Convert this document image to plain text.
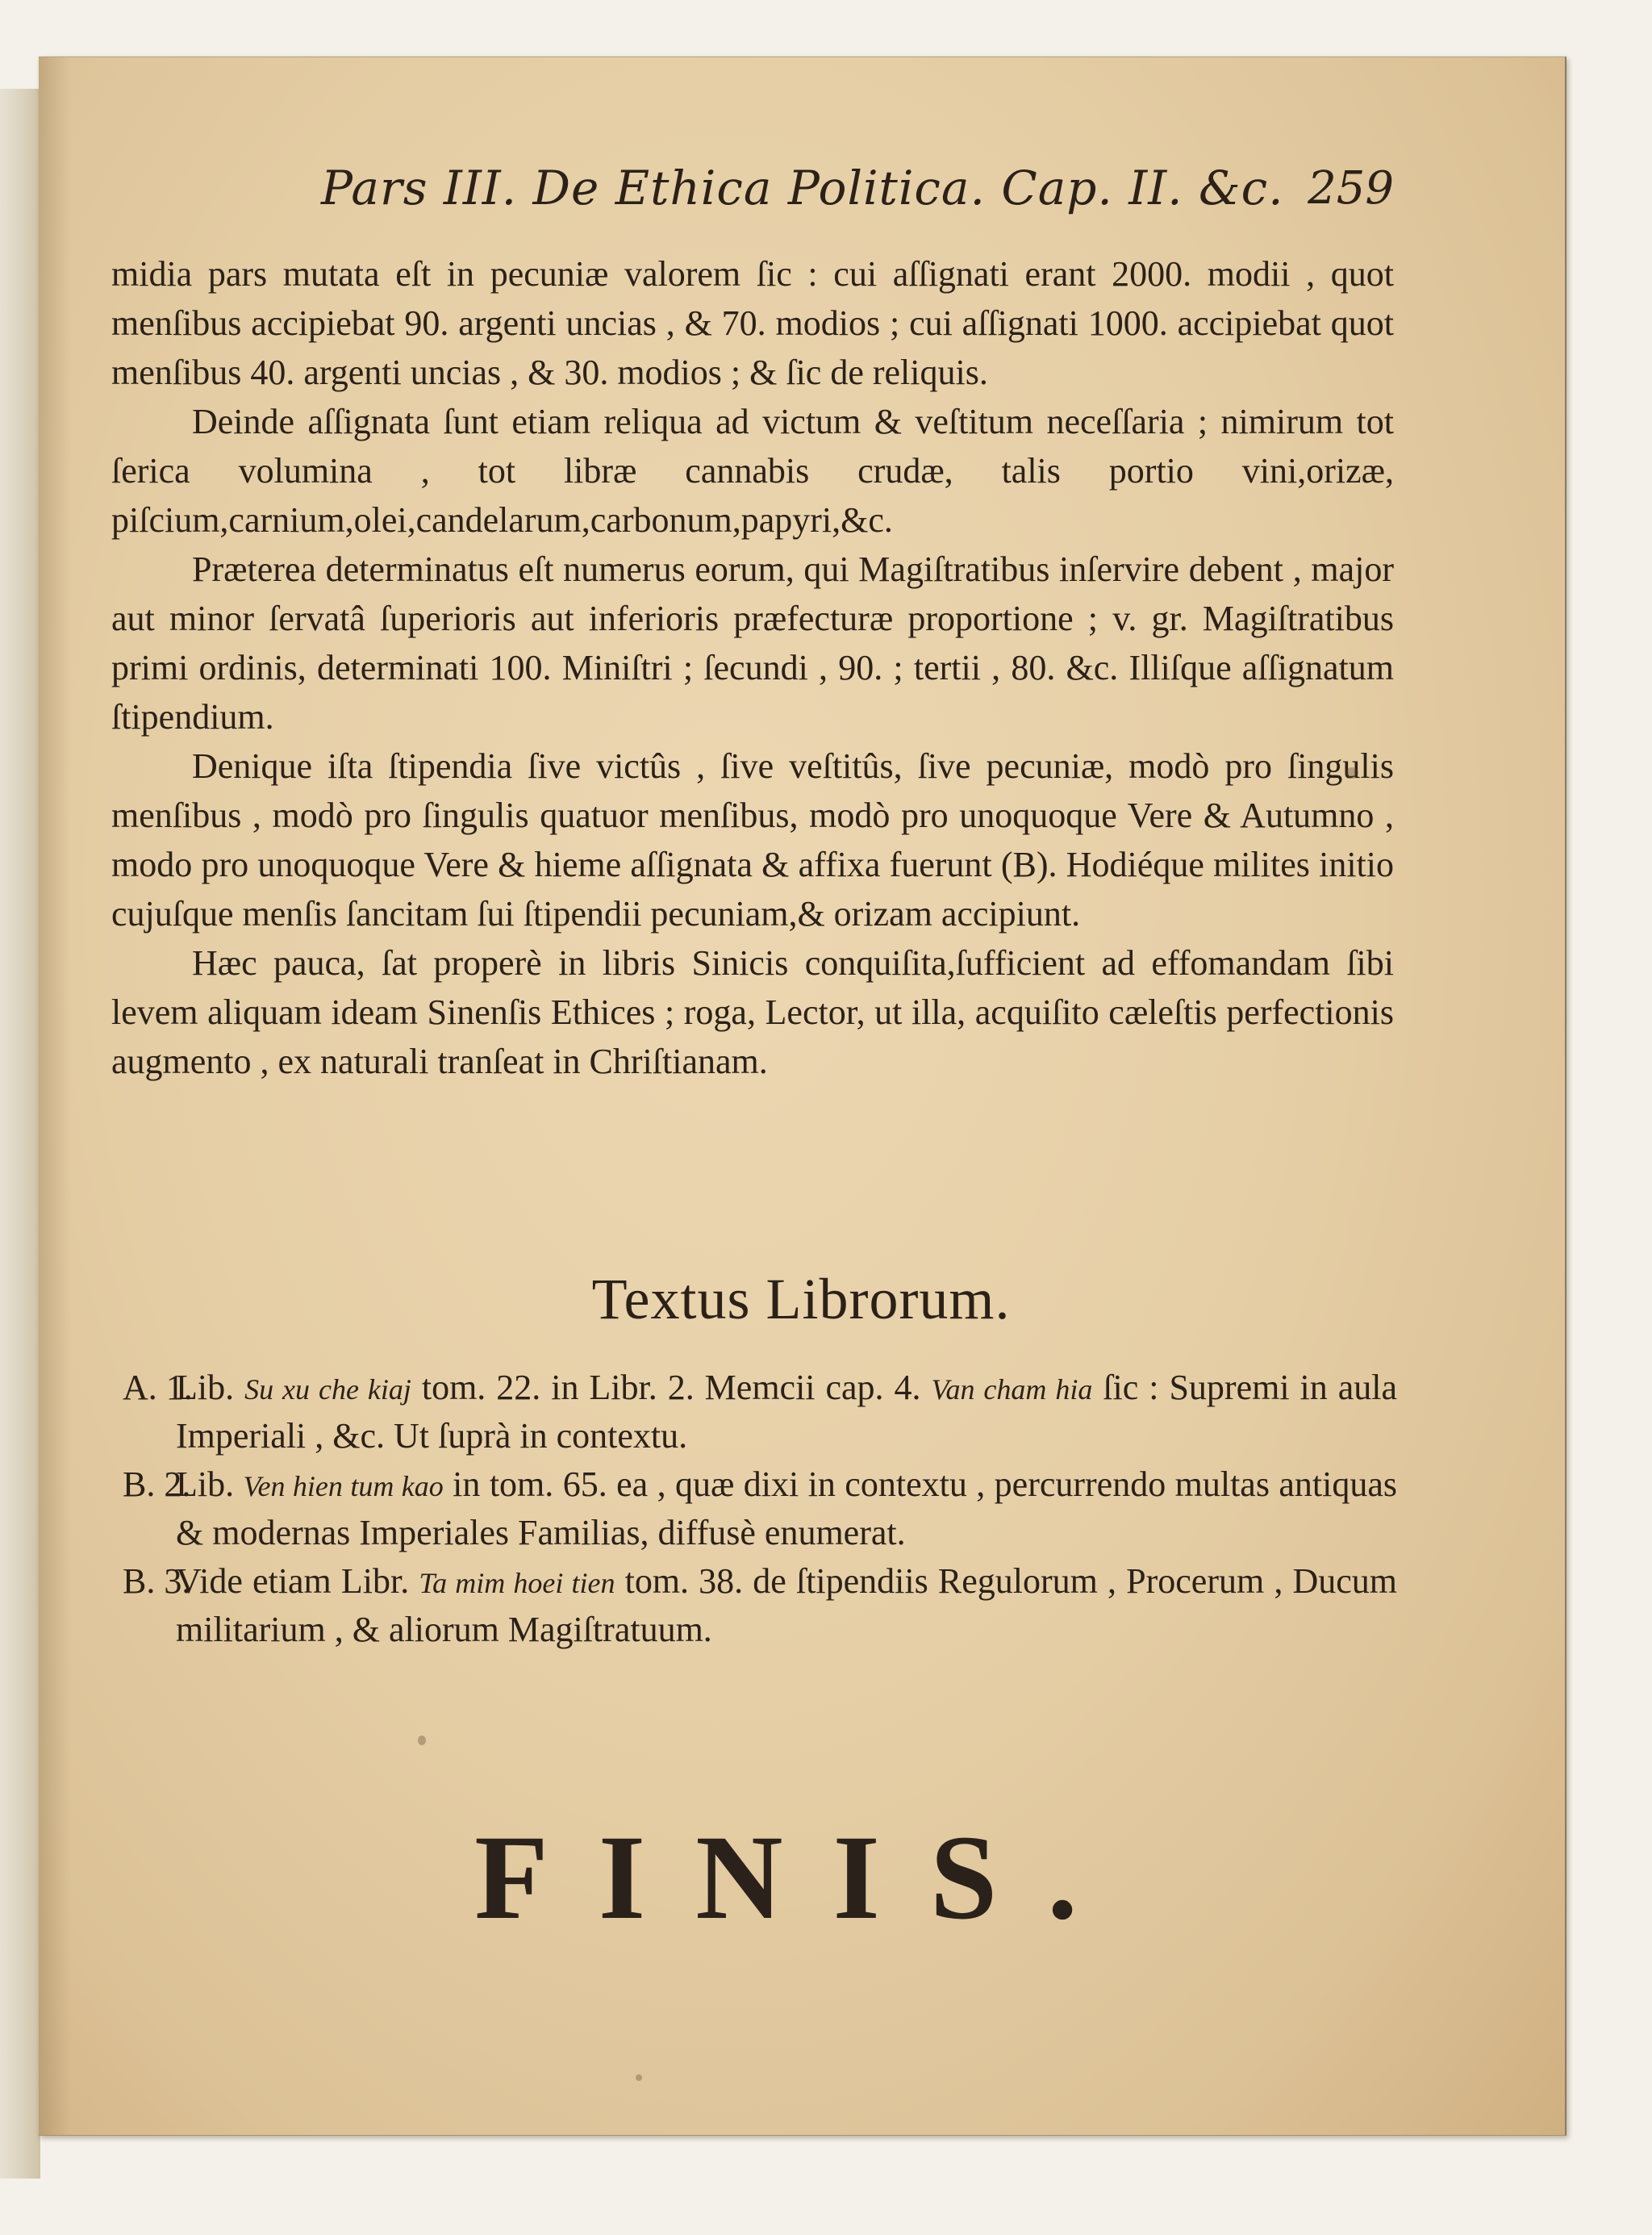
Pars III. De Ethica Politica. Cap. II. &c. 259

midia pars mutata eſt in pecuniæ valorem ſic : cui aſſignati erant 2000. modii , quot menſibus accipiebat 90. argenti uncias , & 70. modios ; cui aſſignati 1000. accipiebat quot menſibus 40. argenti uncias , & 30. modios ; & ſic de reliquis.

Deinde aſſignata ſunt etiam reliqua ad victum & veſtitum neceſſaria ; nimirum tot ſerica volumina , tot libræ cannabis crudæ, talis portio vini,orizæ, piſcium,carnium,olei,candelarum,carbonum,papyri,&c.

Præterea determinatus eſt numerus eorum, qui Magiſtratibus inſervire debent , major aut minor ſervatâ ſuperioris aut inferioris præfecturæ proportione ; v. gr. Magiſtratibus primi ordinis, determinati 100. Miniſtri ; ſecundi , 90. ; tertii , 80. &c. Illiſque aſſignatum ſtipendium.

Denique iſta ſtipendia ſive victûs , ſive veſtitûs, ſive pecuniæ, modò pro ſingulis menſibus , modò pro ſingulis quatuor menſibus, modò pro unoquoque Vere & Autumno , modo pro unoquoque Vere & hieme aſſignata & affixa fuerunt (B). Hodiéque milites initio cujuſque menſis ſancitam ſui ſtipendii pecuniam,& orizam accipiunt.

Hæc pauca, ſat properè in libris Sinicis conquiſita,ſufficient ad effomandam ſibi levem aliquam ideam Sinenſis Ethices ; roga, Lector, ut illa, acquiſito cæleſtis perfectionis augmento , ex naturali tranſeat in Chriſtianam.

Textus Librorum.
A. 1.
Lib. Su xu che kiaj tom. 22. in Libr. 2. Memcii cap. 4. Van cham hia ſic : Supremi in aula Imperiali , &c. Ut ſuprà in contextu.
B. 2.
Lib. Ven hien tum kao in tom. 65. ea , quæ dixi in contextu , percurrendo multas antiquas & modernas Imperiales Familias, diffusè enumerat.
B. 3.
Vide etiam Libr. Ta mim hoei tien tom. 38. de ſtipendiis Regulorum , Procerum , Ducum militarium , & aliorum Magiſtratuum.
FINIS.
